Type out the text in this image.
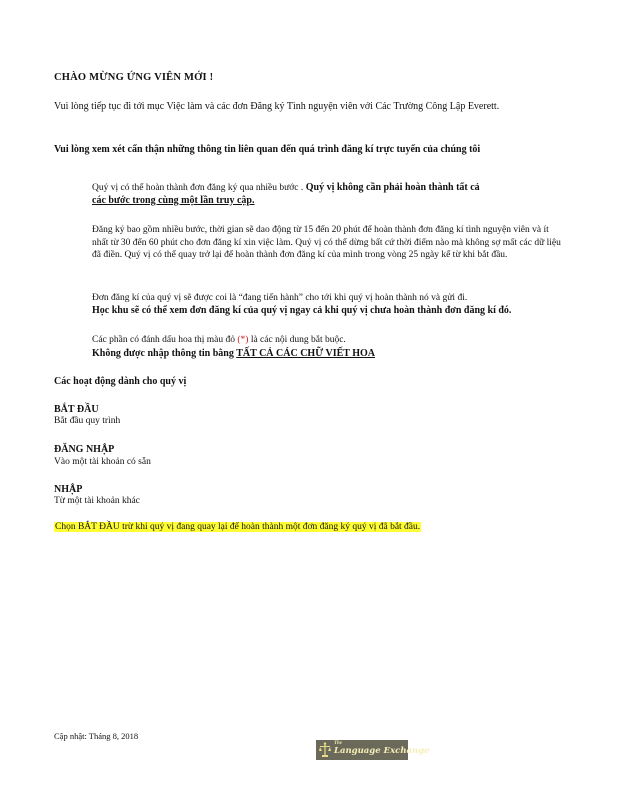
CHÀO MỪNG ỨNG VIÊN MỚI !
Vui lòng tiếp tục đi tới mục Việc làm và các đơn Đăng ký Tình nguyện viên với Các Trường Công Lập Everett.
Vui lòng xem xét cẩn thận những thông tin liên quan đến quá trình đăng kí trực tuyến của chúng tôi
Quý vị có thể hoàn thành đơn đăng ký qua nhiều bước . Quý vị không cần phải hoàn thành tất cả
các bước trong cùng một lần truy cập.
Đăng ký bao gồm nhiều bước, thời gian sẽ dao động từ 15 đến 20 phút để hoàn thành đơn đăng kí tình nguyện viên và ít nhất từ 30 đến 60 phút cho đơn đăng kí xin việc làm. Quý vị có thể dừng bất cứ thời điểm nào mà không sợ mất các dữ liệu đã điền. Quý vị có thể quay trở lại để hoàn thành đơn đăng kí của mình trong vòng 25 ngày kể từ khi bắt đầu.
Đơn đăng kí của quý vị sẽ được coi là “đang tiến hành” cho tới khi quý vị hoàn thành nó và gửi đi.
Học khu sẽ có thể xem đơn đăng kí của quý vị ngay cả khi quý vị chưa hoàn thành đơn đăng kí đó.
Các phần có đánh dấu hoa thị màu đỏ (*) là các nội dung bắt buộc.
Không được nhập thông tin bằng TẤT CẢ CÁC CHỮ VIẾT HOA
Các hoạt động dành cho quý vị
BẮT ĐẦU
Bắt đầu quy trình
ĐĂNG NHẬP
Vào một tài khoản có sẵn
NHẬP
Từ một tài khoản khác
Chọn BẮT ĐẦU trừ khi quý vị đang quay lại để hoàn thành một đơn đăng ký quý vị đã bắt đầu.
Cập nhật: Tháng 8, 2018
The
Language Exchange
